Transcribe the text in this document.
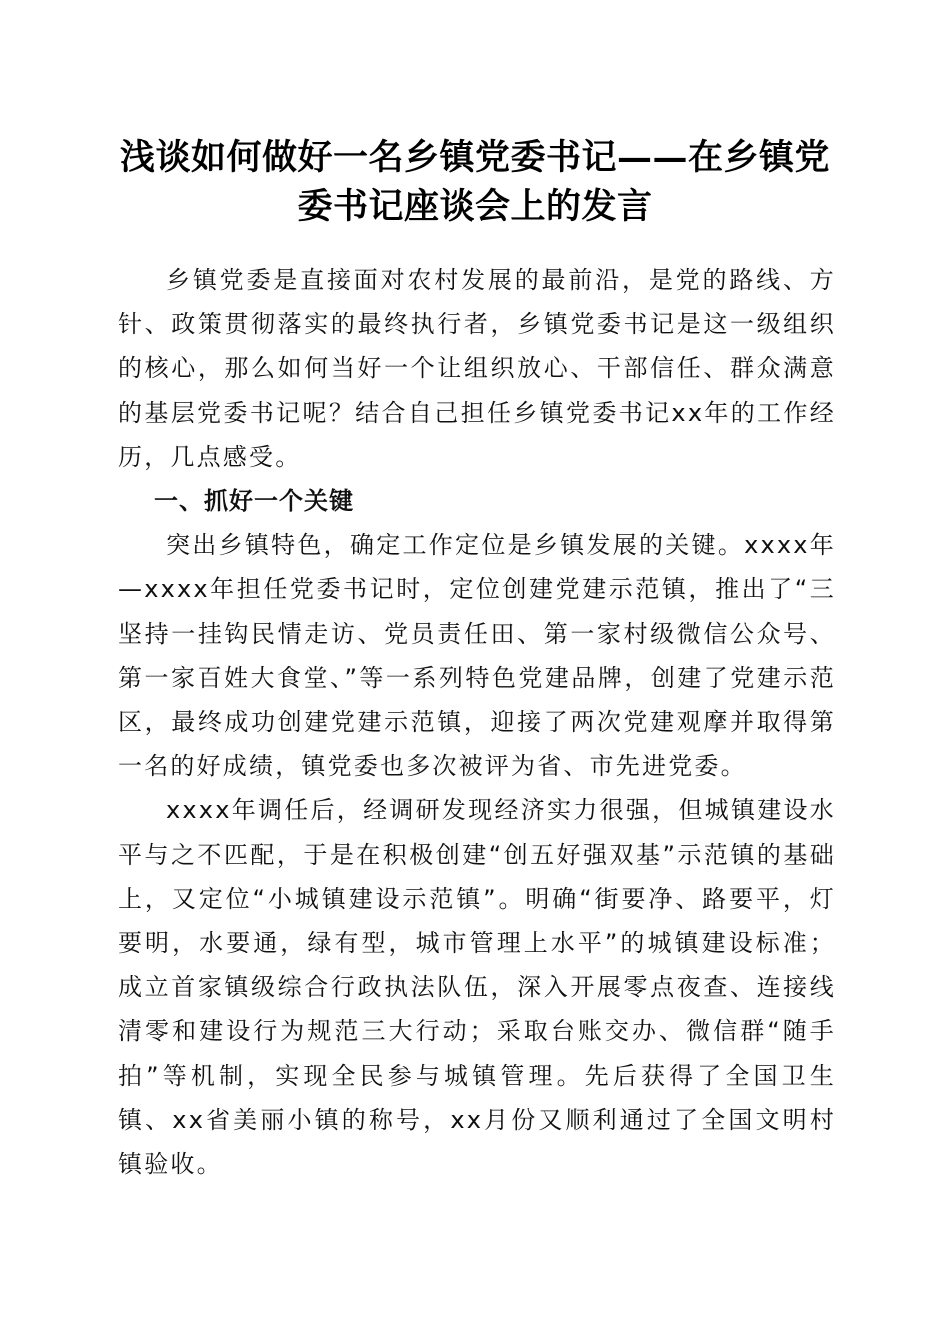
浅谈如何做好一名乡镇党委书记——在乡镇党
委书记座谈会上的发言

乡镇党委是直接面对农村发展的最前沿，是党的路线、方针、政策贯彻落实的最终执行者，乡镇党委书记是这一级组织的核心，那么如何当好一个让组织放心、干部信任、群众满意的基层党委书记呢？结合自己担任乡镇党委书记xx年的工作经历，几点感受。

一、抓好一个关键

突出乡镇特色，确定工作定位是乡镇发展的关键。xxxx年—xxxx年担任党委书记时，定位创建党建示范镇，推出了“三坚持一挂钩民情走访、党员责任田、第一家村级微信公众号、第一家百姓大食堂、”等一系列特色党建品牌，创建了党建示范区，最终成功创建党建示范镇，迎接了两次党建观摩并取得第一名的好成绩，镇党委也多次被评为省、市先进党委。

xxxx年调任后，经调研发现经济实力很强，但城镇建设水平与之不匹配，于是在积极创建“创五好强双基”示范镇的基础上，又定位“小城镇建设示范镇”。明确“街要净、路要平，灯要明，水要通，绿有型，城市管理上水平”的城镇建设标准；成立首家镇级综合行政执法队伍，深入开展零点夜查、连接线清零和建设行为规范三大行动；采取台账交办、微信群“随手拍”等机制，实现全民参与城镇管理。先后获得了全国卫生镇、xx省美丽小镇的称号，xx月份又顺利通过了全国文明村镇验收。
